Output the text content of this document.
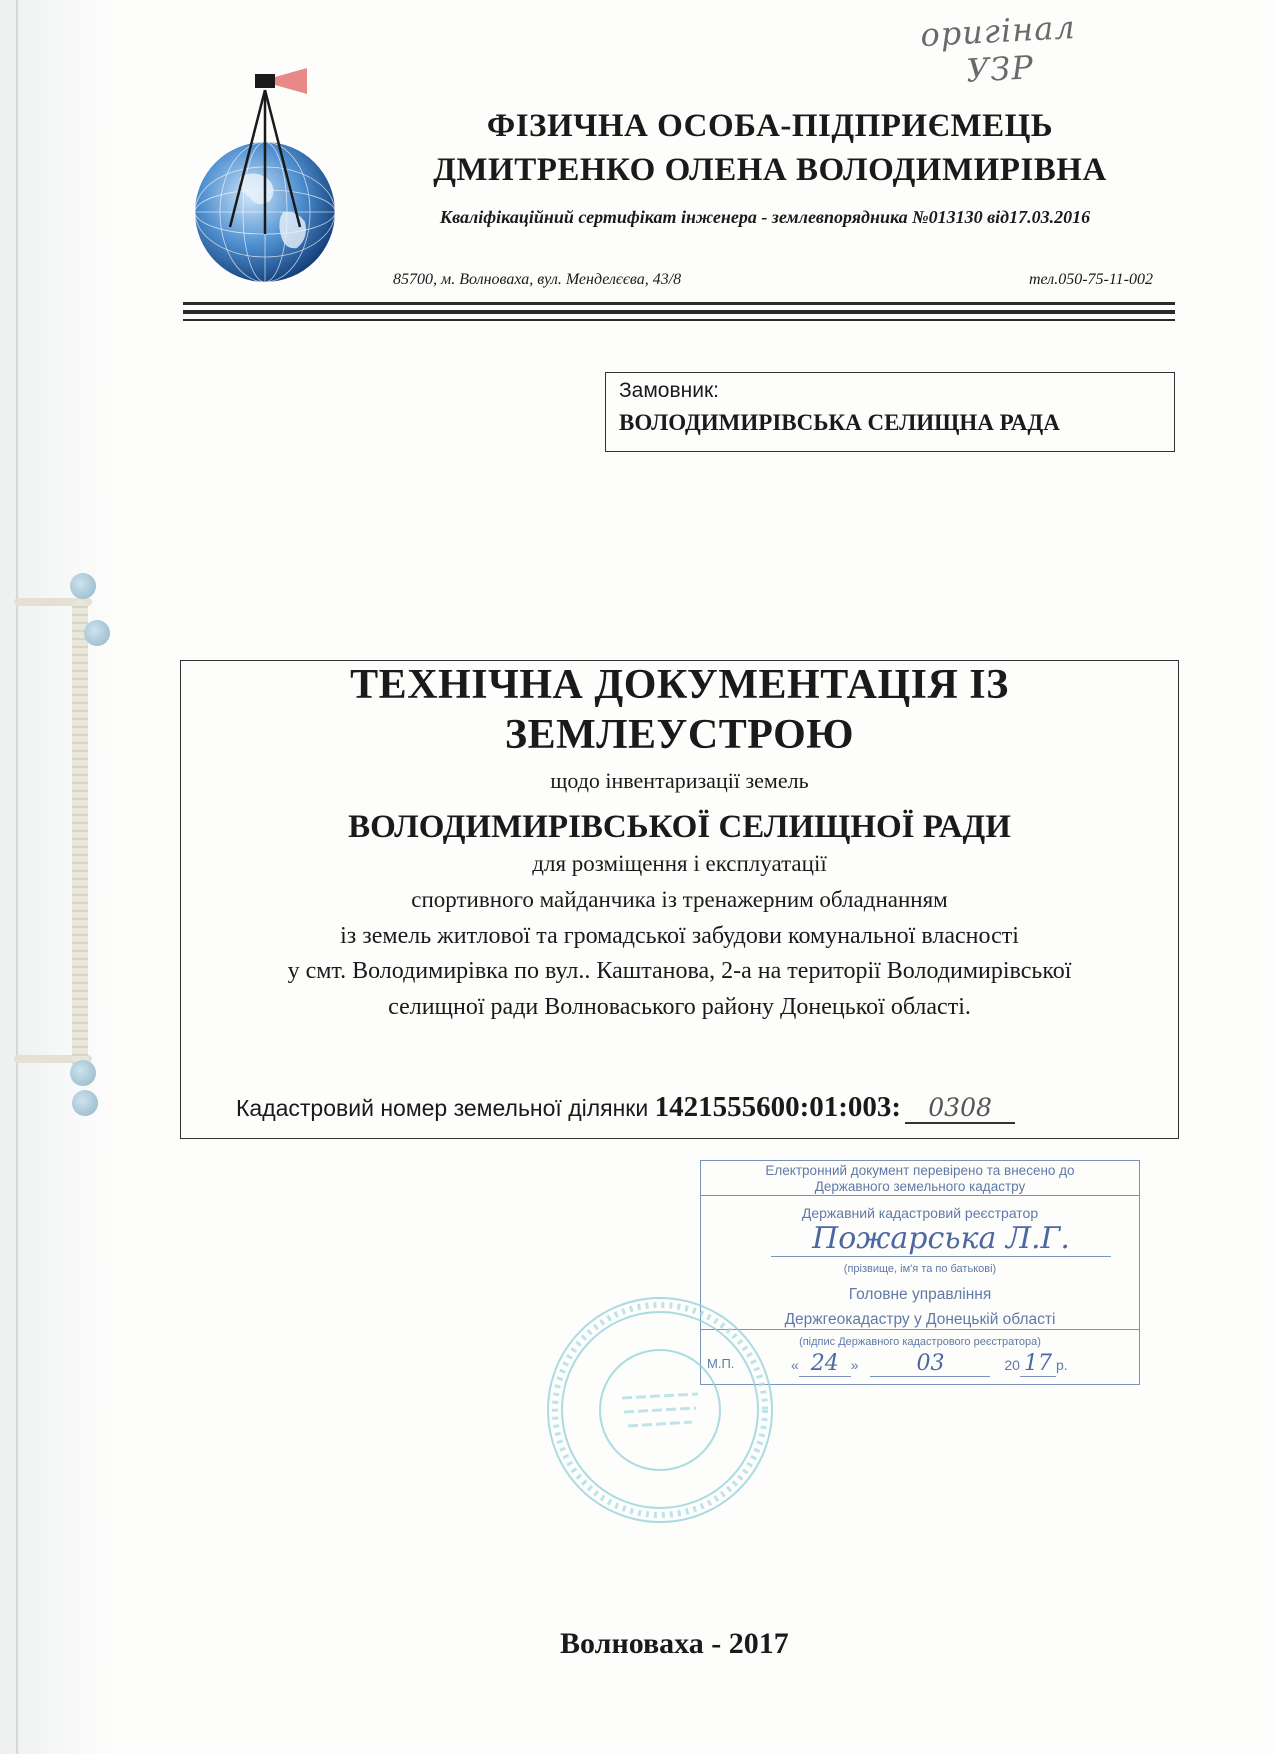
оригінал УЗР
ФІЗИЧНА ОСОБА-ПІДПРИЄМЕЦЬ
ДМИТРЕНКО ОЛЕНА ВОЛОДИМИРІВНА
Кваліфікаційний сертифікат інженера - землевпорядника №013130 від17.03.2016
85700, м. Волноваха, вул. Менделєєва, 43/8	тел.050-75-11-002
Замовник:
ВОЛОДИМИРІВСЬКА СЕЛИЩНА РАДА
ТЕХНІЧНА ДОКУМЕНТАЦІЯ ІЗ
ЗЕМЛЕУСТРОЮ
щодо інвентаризації земель
ВОЛОДИМИРІВСЬКОЇ СЕЛИЩНОЇ РАДИ
для розміщення і експлуатації
спортивного майданчика із тренажерним обладнанням
із земель житлової та громадської забудови комунальної власності
у смт. Володимирівка по вул.. Каштанова, 2-а на території Володимирівської
селищної ради Волноваського району Донецької області.
Кадастровий номер земельної ділянки 1421555600:01:003: 0308
Електронний документ перевірено та внесено до
Державного земельного кадастру
Державний кадастровий реєстратор
Пожарська Л.Г.
(прізвище, ім'я та по батькові)
Головне управління
Держгеокадастру у Донецькій області
(підпис Державного кадастрового реєстратора)
М.П.	« 24 » 03	20 17 р.
Волноваха - 2017
